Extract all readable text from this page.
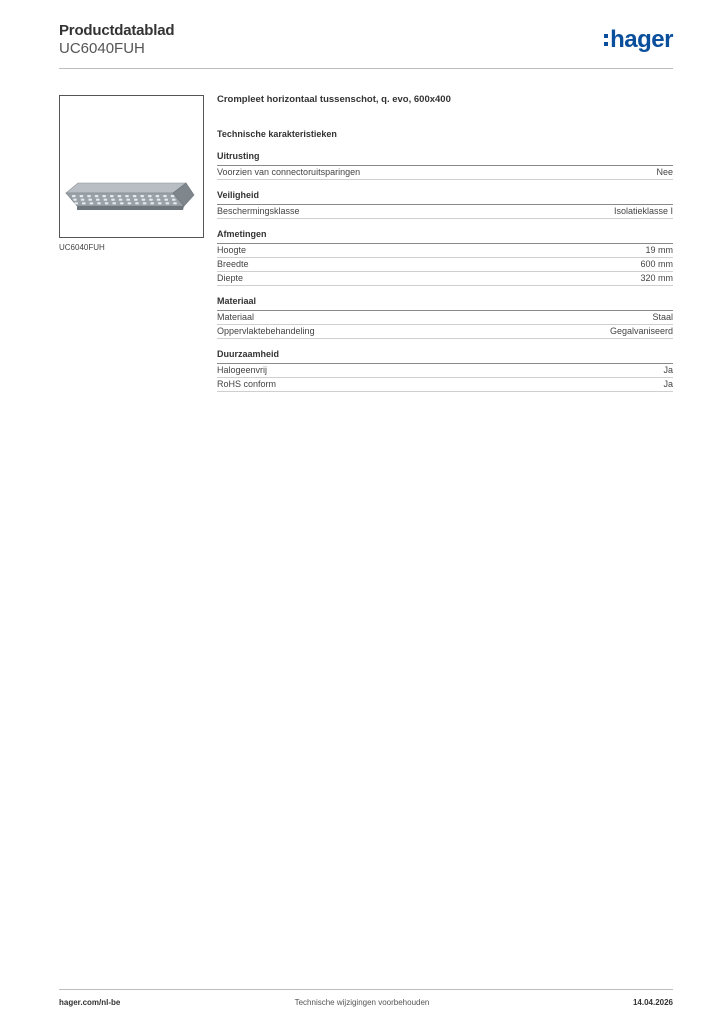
Productdatablad
UC6040FUH	hager
UC6040FUH
Crompleet horizontaal tussenschot, q. evo, 600x400
Technische karakteristieken
Uitrusting
Voorzien van connectoruitsparingen	Nee
Veiligheid
Beschermingsklasse	Isolatieklasse I
Afmetingen
Hoogte	19 mm
Breedte	600 mm
Diepte	320 mm
Materiaal
Materiaal	Staal
Oppervlaktebehandeling	Gegalvaniseerd
Duurzaamheid
Halogeenvrij	Ja
RoHS conform	Ja
hager.com/nl-be	Technische wijzigingen voorbehouden	14.04.2026
